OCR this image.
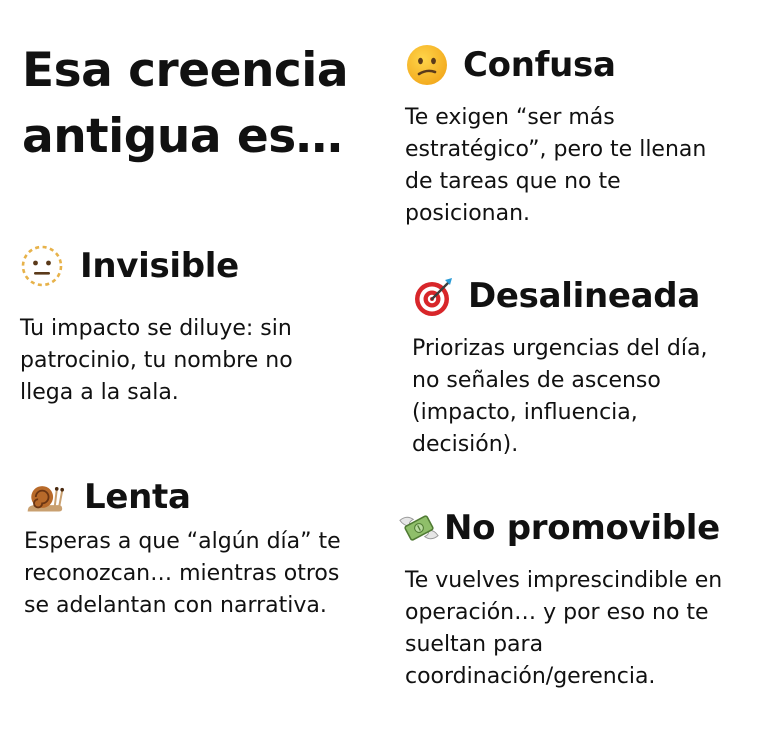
Esa creencia
antigua es…
Invisible

Tu impacto se diluye: sin patrocinio, tu nombre no llega a la sala.

Lenta

Esperas a que “algún día” te reconozcan… mientras otros se adelantan con narrativa.

Confusa

Te exigen “ser más estratégico”, pero te llenan de tareas que no te posicionan.

Desalineada

Priorizas urgencias del día, no señales de ascenso (impacto, influencia, decisión).

No promovible

Te vuelves imprescindible en operación… y por eso no te sueltan para coordinación/gerencia.
